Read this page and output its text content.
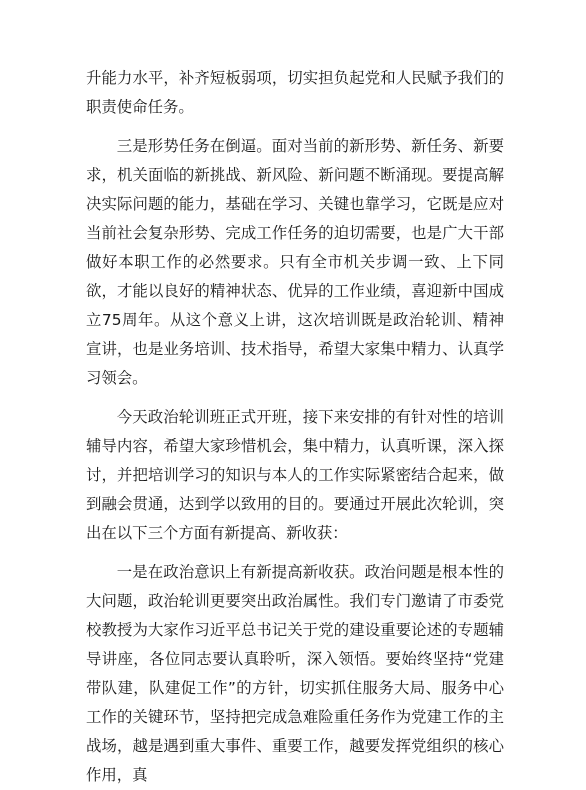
升能力水平，补齐短板弱项，切实担负起党和人民赋予我们的职责使命任务。

三是形势任务在倒逼。面对当前的新形势、新任务、新要求，机关面临的新挑战、新风险、新问题不断涌现。要提高解决实际问题的能力，基础在学习、关键也靠学习，它既是应对当前社会复杂形势、完成工作任务的迫切需要，也是广大干部做好本职工作的必然要求。只有全市机关步调一致、上下同欲，才能以良好的精神状态、优异的工作业绩，喜迎新中国成立75周年。从这个意义上讲，这次培训既是政治轮训、精神宣讲，也是业务培训、技术指导，希望大家集中精力、认真学习领会。

今天政治轮训班正式开班，接下来安排的有针对性的培训辅导内容，希望大家珍惜机会，集中精力，认真听课，深入探讨，并把培训学习的知识与本人的工作实际紧密结合起来，做到融会贯通，达到学以致用的目的。要通过开展此次轮训，突出在以下三个方面有新提高、新收获：

一是在政治意识上有新提高新收获。政治问题是根本性的大问题，政治轮训更要突出政治属性。我们专门邀请了市委党校教授为大家作习近平总书记关于党的建设重要论述的专题辅导讲座，各位同志要认真聆听，深入领悟。要始终坚持“党建带队建，队建促工作”的方针，切实抓住服务大局、服务中心工作的关键环节，坚持把完成急难险重任务作为党建工作的主战场，越是遇到重大事件、重要工作，越要发挥党组织的核心作用，真
